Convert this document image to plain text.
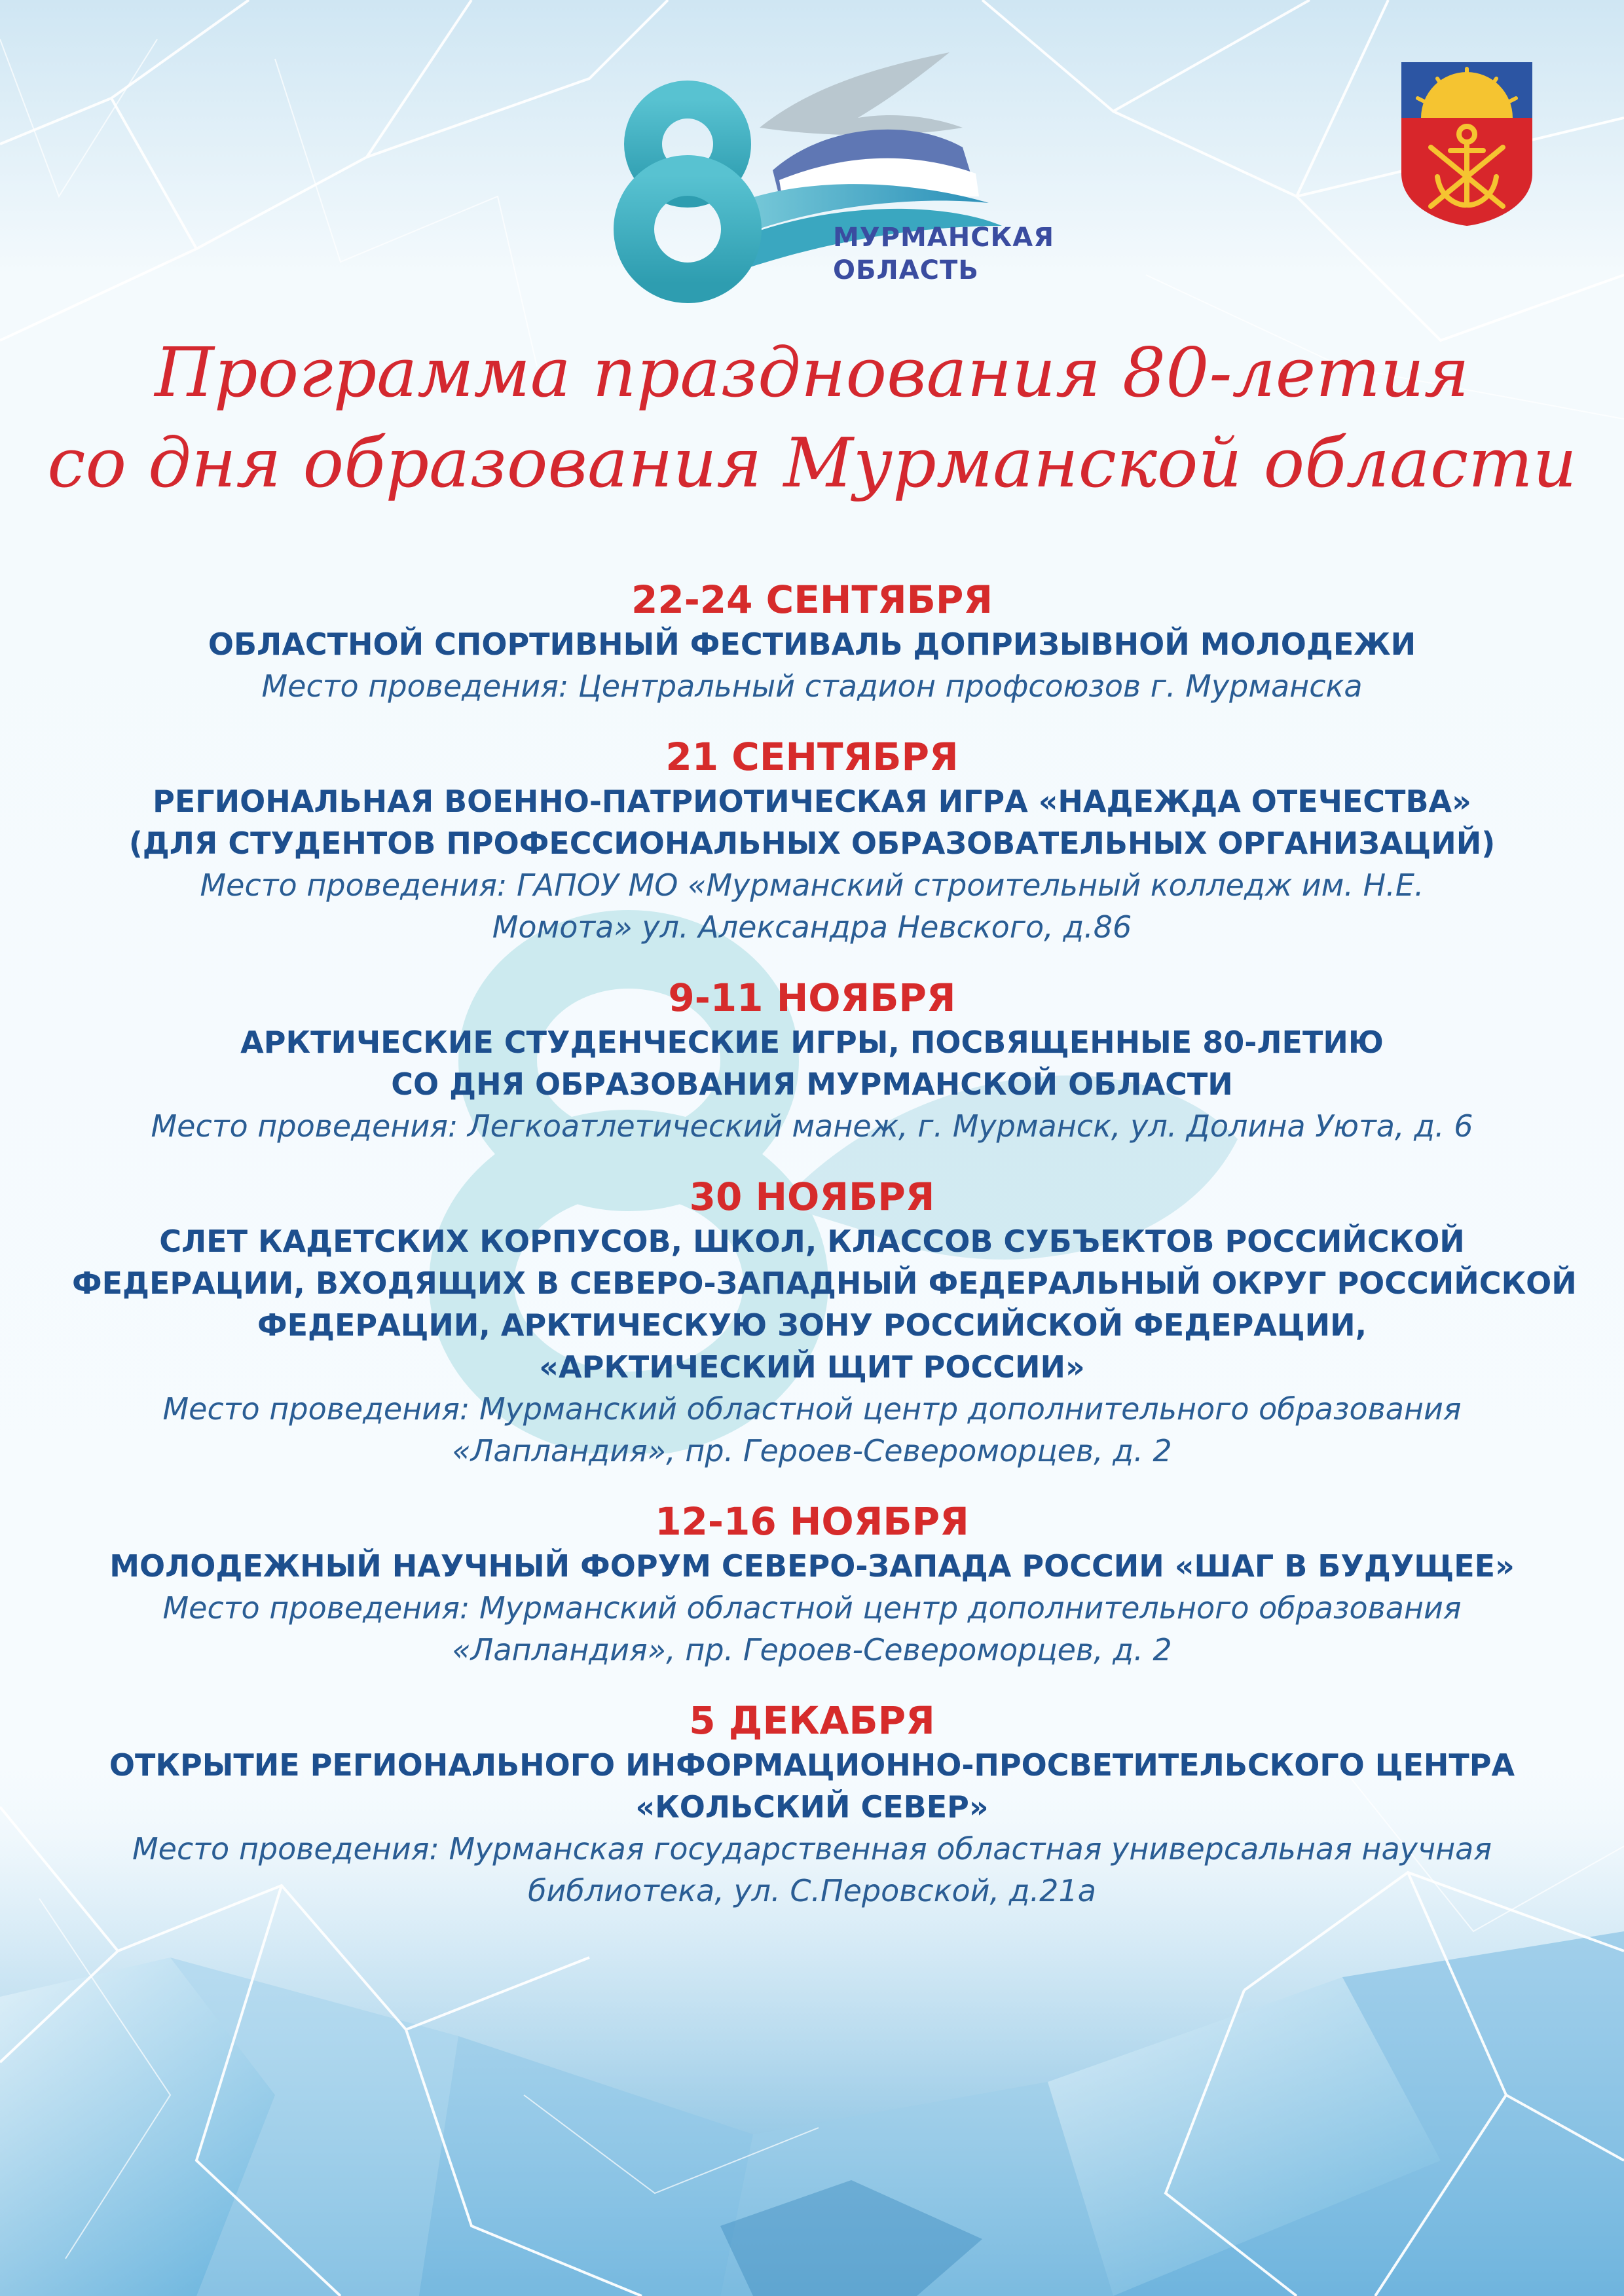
МУРМАНСКАЯ
ОБЛАСТЬ
Программа празднования 80-летия
со дня образования Мурманской области
22-24 СЕНТЯБРЯ
ОБЛАСТНОЙ СПОРТИВНЫЙ ФЕСТИВАЛЬ ДОПРИЗЫВНОЙ МОЛОДЕЖИ
Место проведения: Центральный стадион профсоюзов г. Мурманска
21 СЕНТЯБРЯ
РЕГИОНАЛЬНАЯ ВОЕННО-ПАТРИОТИЧЕСКАЯ ИГРА «НАДЕЖДА ОТЕЧЕСТВА»
(ДЛЯ СТУДЕНТОВ ПРОФЕССИОНАЛЬНЫХ ОБРАЗОВАТЕЛЬНЫХ ОРГАНИЗАЦИЙ)
Место проведения: ГАПОУ МО «Мурманский строительный колледж им. Н.Е.
Момота» ул. Александра Невского, д.86
9-11 НОЯБРЯ
АРКТИЧЕСКИЕ СТУДЕНЧЕСКИЕ ИГРЫ, ПОСВЯЩЕННЫЕ 80-ЛЕТИЮ
СО ДНЯ ОБРАЗОВАНИЯ МУРМАНСКОЙ ОБЛАСТИ
Место проведения: Легкоатлетический манеж, г. Мурманск, ул. Долина Уюта, д. 6
30 НОЯБРЯ
СЛЕТ КАДЕТСКИХ КОРПУСОВ, ШКОЛ, КЛАССОВ СУБЪЕКТОВ РОССИЙСКОЙ
ФЕДЕРАЦИИ, ВХОДЯЩИХ В СЕВЕРО-ЗАПАДНЫЙ ФЕДЕРАЛЬНЫЙ ОКРУГ РОССИЙСКОЙ
ФЕДЕРАЦИИ, АРКТИЧЕСКУЮ ЗОНУ РОССИЙСКОЙ ФЕДЕРАЦИИ,
«АРКТИЧЕСКИЙ ЩИТ РОССИИ»
Место проведения: Мурманский областной центр дополнительного образования
«Лапландия», пр. Героев-Североморцев, д. 2
12-16 НОЯБРЯ
МОЛОДЕЖНЫЙ НАУЧНЫЙ ФОРУМ СЕВЕРО-ЗАПАДА РОССИИ «ШАГ В БУДУЩЕЕ»
Место проведения: Мурманский областной центр дополнительного образования
«Лапландия», пр. Героев-Североморцев, д. 2
5 ДЕКАБРЯ
ОТКРЫТИЕ РЕГИОНАЛЬНОГО ИНФОРМАЦИОННО-ПРОСВЕТИТЕЛЬСКОГО ЦЕНТРА
«КОЛЬСКИЙ СЕВЕР»
Место проведения: Мурманская государственная областная универсальная научная
библиотека, ул. С.Перовской, д.21а
